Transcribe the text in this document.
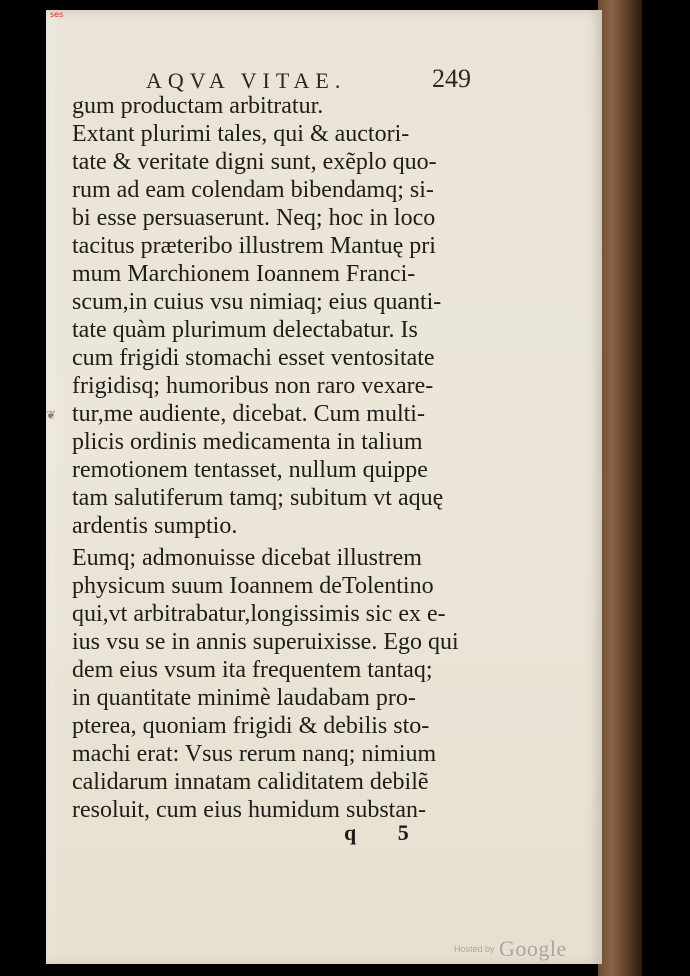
ses
AQVA VITAE.	249
❦
gum productam arbitratur.
Extant plurimi tales, qui & auctori-
tate & veritate digni sunt, exẽplo quo-
rum ad eam colendam bibendamq; si-
bi esse persuaserunt. Neq; hoc in loco
tacitus præteribo illustrem Mantuę pri
mum Marchionem Ioannem Franci-
scum,in cuius vsu nimiaq; eius quanti-
tate quàm plurimum delectabatur. Is
cum frigidi stomachi esset ventositate
frigidisq; humoribus non raro vexare-
tur,me audiente, dicebat. Cum multi-
plicis ordinis medicamenta in talium
remotionem tentasset, nullum quippe
tam salutiferum tamq; subitum vt aquę
ardentis sumptio.
Eumq; admonuisse dicebat illustrem
physicum suum Ioannem deTolentino
qui,vt arbitrabatur,longissimis sic ex e-
ius vsu se in annis superuixisse. Ego qui
dem eius vsum ita frequentem tantaq;
in quantitate minimè laudabam pro-
pterea, quoniam frigidi & debilis sto-
machi erat: Vsus rerum nanq; nimium
calidarum innatam caliditatem debilẽ
resoluit, cum eius humidum substan-
q 5
Hosted by Google
